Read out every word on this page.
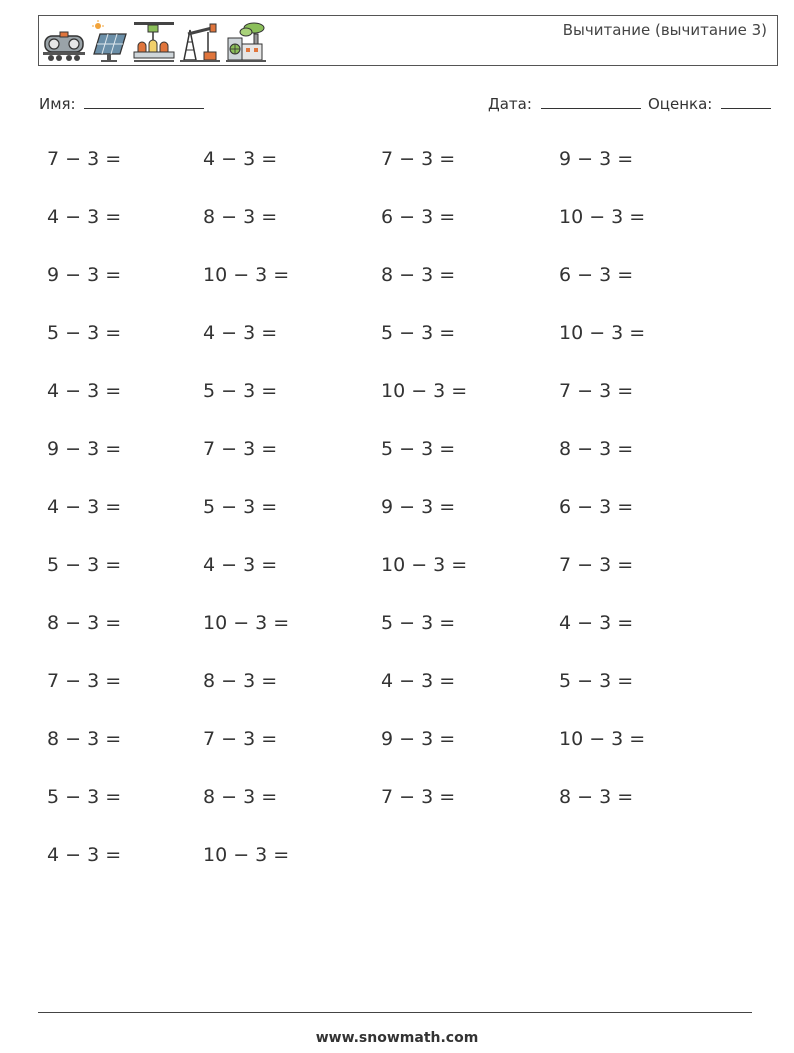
Вычитание (вычитание 3)
Имя:	Дата:	Оценка:
7 − 3 =	4 − 3 =	7 − 3 =	9 − 3 =
4 − 3 =	8 − 3 =	6 − 3 =	10 − 3 =
9 − 3 =	10 − 3 =	8 − 3 =	6 − 3 =
5 − 3 =	4 − 3 =	5 − 3 =	10 − 3 =
4 − 3 =	5 − 3 =	10 − 3 =	7 − 3 =
9 − 3 =	7 − 3 =	5 − 3 =	8 − 3 =
4 − 3 =	5 − 3 =	9 − 3 =	6 − 3 =
5 − 3 =	4 − 3 =	10 − 3 =	7 − 3 =
8 − 3 =	10 − 3 =	5 − 3 =	4 − 3 =
7 − 3 =	8 − 3 =	4 − 3 =	5 − 3 =
8 − 3 =	7 − 3 =	9 − 3 =	10 − 3 =
5 − 3 =	8 − 3 =	7 − 3 =	8 − 3 =
4 − 3 =	10 − 3 =
www.snowmath.com
